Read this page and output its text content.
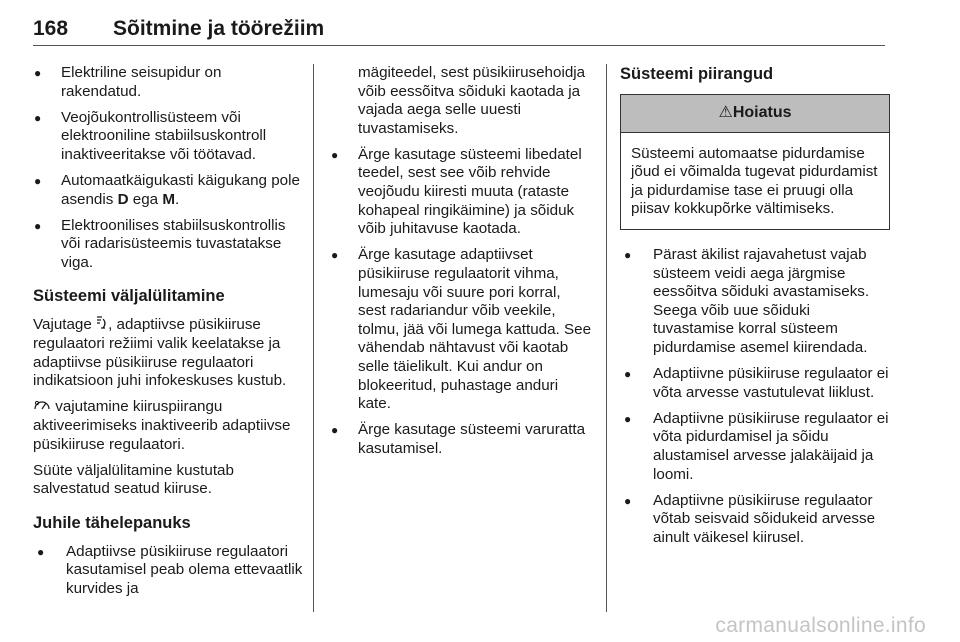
168	Sõitmine ja töörežiim
● Elektriline seisupidur on rakendatud.
● Veojõukontrollisüsteem või elektrooniline stabiilsuskontroll inaktiveeritakse või töötavad.
● Automaatkäigukasti käigukang pole asendis D ega M.
● Elektroonilises stabiilsuskontrollis või radarisüsteemis tuvastatakse viga.
Süsteemi väljalülitamine

Vajutage , adaptiivse püsikiiruse regulaatori režiimi valik keelatakse ja adaptiivse püsikiiruse regulaatori indikatsioon juhi infokeskuses kustub.

vajutamine kiiruspiirangu aktiveerimiseks inaktiveerib adaptiivse püsikiiruse regulaatori.

Süüte väljalülitamine kustutab salvestatud seatud kiiruse.

Juhile tähelepanuks
● Adaptiivse püsikiiruse regulaatori kasutamisel peab olema ettevaatlik kurvides ja
mägiteedel, sest püsikiirusehoidja võib eessõitva sõiduki kaotada ja vajada aega selle uuesti tuvastamiseks.
● Ärge kasutage süsteemi libedatel teedel, sest see võib rehvide veojõudu kiiresti muuta (rataste kohapeal ringikäimine) ja sõiduk võib juhitavuse kaotada.
● Ärge kasutage adaptiivset püsikiiruse regulaatorit vihma, lumesaju või suure pori korral, sest radariandur võib veekile, tolmu, jää või lumega kattuda. See vähendab nähtavust või kaotab selle täielikult. Kui andur on blokeeritud, puhastage anduri kate.
● Ärge kasutage süsteemi varuratta kasutamisel.
Süsteemi piirangud
⚠Hoiatus
Süsteemi automaatse pidurdamise jõud ei võimalda tugevat pidurdamist ja pidurdamise tase ei pruugi olla piisav kokkupõrke vältimiseks.
● Pärast äkilist rajavahetust vajab süsteem veidi aega järgmise eessõitva sõiduki avastamiseks. Seega võib uue sõiduki tuvastamise korral süsteem pidurdamise asemel kiirendada.
● Adaptiivne püsikiiruse regulaator ei võta arvesse vastutulevat liiklust.
● Adaptiivne püsikiiruse regulaator ei võta pidurdamisel ja sõidu alustamisel arvesse jalakäijaid ja loomi.
● Adaptiivne püsikiiruse regulaator võtab seisvaid sõidukeid arvesse ainult väikesel kiirusel.
carmanualsonline.info
